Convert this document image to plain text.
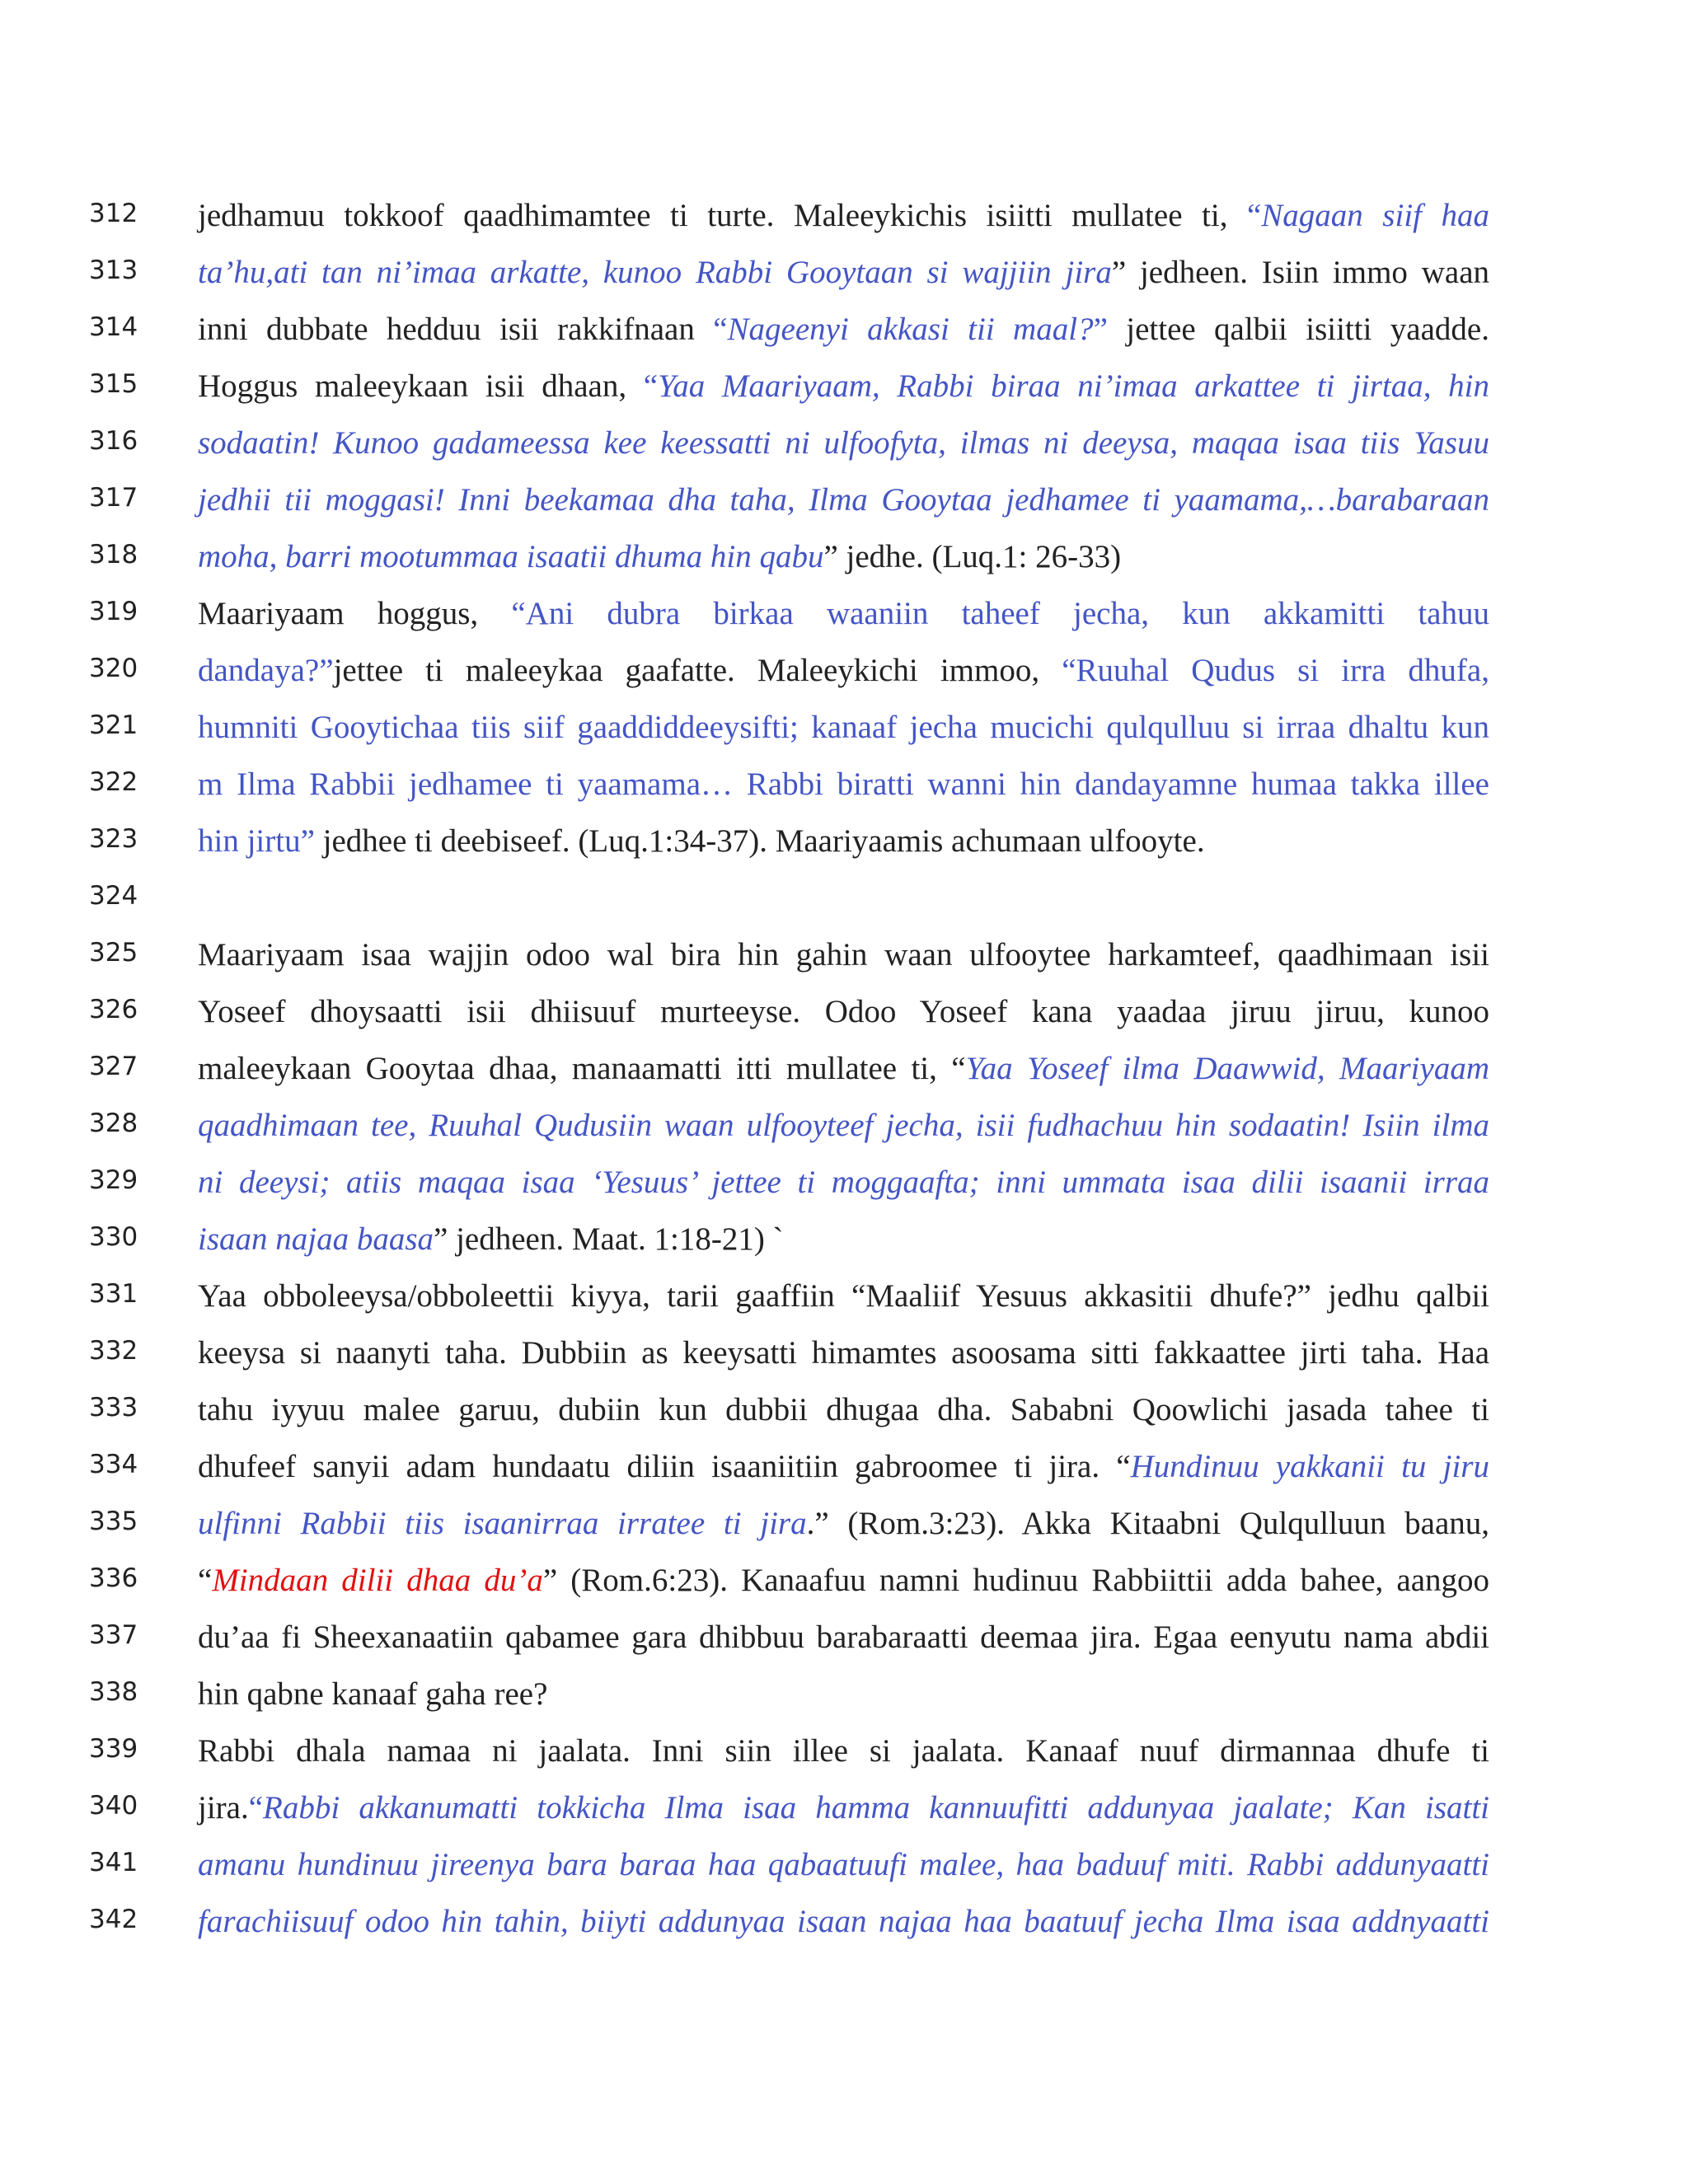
312	jedhamuu tokkoof qaadhimamtee ti turte. Maleeykichis isiitti mullatee ti, “Nagaan siif haa
313	ta’hu,ati tan ni’imaa arkatte, kunoo Rabbi Gooytaan si wajjiin jira” jedheen. Isiin immo waan
314	inni dubbate hedduu isii rakkifnaan “Nageenyi akkasi tii maal?” jettee qalbii isiitti yaadde.
315	Hoggus maleeykaan isii dhaan, “Yaa Maariyaam, Rabbi biraa ni’imaa arkattee ti jirtaa, hin
316	sodaatin! Kunoo gadameessa kee keessatti ni ulfoofyta, ilmas ni deeysa, maqaa isaa tiis Yasuu
317	jedhii tii moggasi! Inni beekamaa dha taha, Ilma Gooytaa jedhamee ti yaamama,…barabaraan
318	moha, barri mootummaa isaatii dhuma hin qabu” jedhe. (Luq.1: 26-33)
319	Maariyaam hoggus, “Ani dubra birkaa waaniin taheef jecha, kun akkamitti tahuu
320	dandaya?”jettee ti maleeykaa gaafatte. Maleeykichi immoo, “Ruuhal Qudus si irra dhufa,
321	humniti Gooytichaa tiis siif gaaddiddeeysifti; kanaaf jecha mucichi qulqulluu si irraa dhaltu kun
322	m Ilma Rabbii jedhamee ti yaamama… Rabbi biratti wanni hin dandayamne humaa takka illee
323	hin jirtu” jedhee ti deebiseef. (Luq.1:34-37). Maariyaamis achumaan ulfooyte.
324
325	Maariyaam isaa wajjin odoo wal bira hin gahin waan ulfooytee harkamteef, qaadhimaan isii
326	Yoseef dhoysaatti isii dhiisuuf murteeyse. Odoo Yoseef kana yaadaa jiruu jiruu, kunoo
327	maleeykaan Gooytaa dhaa, manaamatti itti mullatee ti, “Yaa Yoseef ilma Daawwid, Maariyaam
328	qaadhimaan tee, Ruuhal Qudusiin waan ulfooyteef jecha, isii fudhachuu hin sodaatin! Isiin ilma
329	ni deeysi; atiis maqaa isaa ‘Yesuus’ jettee ti moggaafta; inni ummata isaa dilii isaanii irraa
330	isaan najaa baasa” jedheen. Maat. 1:18-21) `
331	Yaa obboleeysa/obboleettii kiyya, tarii gaaffiin “Maaliif Yesuus akkasitii dhufe?” jedhu qalbii
332	keeysa si naanyti taha. Dubbiin as keeysatti himamtes asoosama sitti fakkaattee jirti taha. Haa
333	tahu iyyuu malee garuu, dubiin kun dubbii dhugaa dha. Sababni Qoowlichi jasada tahee ti
334	dhufeef sanyii adam hundaatu diliin isaaniitiin gabroomee ti jira. “Hundinuu yakkanii tu jiru
335	ulfinni Rabbii tiis isaanirraa irratee ti jira.” (Rom.3:23). Akka Kitaabni Qulqulluun baanu,
336	“Mindaan dilii dhaa du’a” (Rom.6:23). Kanaafuu namni hudinuu Rabbiittii adda bahee, aangoo
337	du’aa fi Sheexanaatiin qabamee gara dhibbuu barabaraatti deemaa jira. Egaa eenyutu nama abdii
338	hin qabne kanaaf gaha ree?
339	Rabbi dhala namaa ni jaalata. Inni siin illee si jaalata. Kanaaf nuuf dirmannaa dhufe ti
340	jira.“Rabbi akkanumatti tokkicha Ilma isaa hamma kannuufitti addunyaa jaalate; Kan isatti
341	amanu hundinuu jireenya bara baraa haa qabaatuufi malee, haa baduuf miti. Rabbi addunyaatti
342	farachiisuuf odoo hin tahin, biiyti addunyaa isaan najaa haa baatuuf jecha Ilma isaa addnyaatti
